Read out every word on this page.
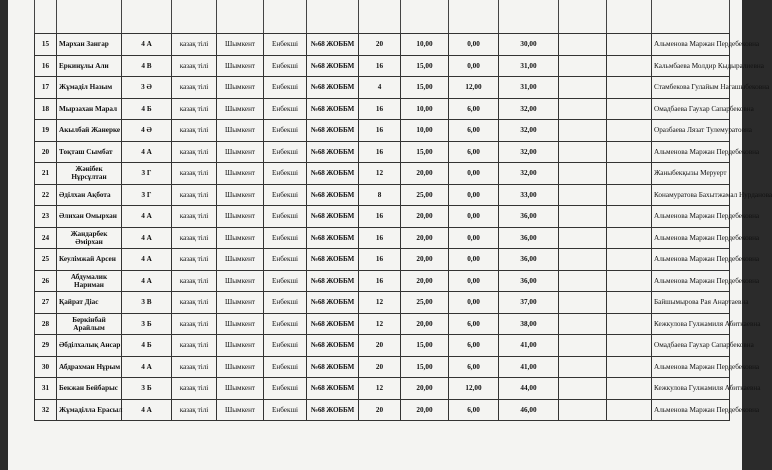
15	Мархан Зангар	4 А	казақ тілі	Шымкент	Енбекші	№68 ЖОББМ	20	10,00	0,00	30,00			Альменова Маржан Пердебековна
16	Еркинұлы Али	4 В	казақ тілі	Шымкент	Енбекші	№68 ЖОББМ	16	15,00	0,00	31,00			Кальмбаева Молдир Кыдыралиевна
17	Жұмаділ Назым	3 Ә	казақ тілі	Шымкент	Енбекші	№68 ЖОББМ	4	15,00	12,00	31,00			Стамбекова Гулайым Нагашыбековна
18	Мырзахан Марал	4 Б	казақ тілі	Шымкент	Енбекші	№68 ЖОББМ	16	10,00	6,00	32,00			Омадбаева Гаухар Сапарбековна
19	Акылбай Жанерке	4 Ә	казақ тілі	Шымкент	Енбекші	№68 ЖОББМ	16	10,00	6,00	32,00			Оразбаева Лязат Тулемуратовна
20	Тоқташ Сымбат	4 А	казақ тілі	Шымкент	Енбекші	№68 ЖОББМ	16	15,00	6,00	32,00			Альменова Маржан Пердебековна
21	Жәнібек Нұрсұлтан	3 Г	казақ тілі	Шымкент	Енбекші	№68 ЖОББМ	12	20,00	0,00	32,00			Жаныбекқызы Меруерт
22	Әділхан Ақбота	3 Г	казақ тілі	Шымкент	Енбекші	№68 ЖОББМ	8	25,00	0,00	33,00			Конамуратова Бахытжамал Нурданова
23	Әлихан Омырхан	4 А	казақ тілі	Шымкент	Енбекші	№68 ЖОББМ	16	20,00	0,00	36,00			Альменова Маржан Пердебековна
24	Жандарбек Әмірхан	4 А	казақ тілі	Шымкент	Енбекші	№68 ЖОББМ	16	20,00	0,00	36,00			Альменова Маржан Пердебековна
25	Кеулімжай Арсен	4 А	казақ тілі	Шымкент	Енбекші	№68 ЖОББМ	16	20,00	0,00	36,00			Альменова Маржан Пердебековна
26	Абдумалик Нариман	4 А	казақ тілі	Шымкент	Енбекші	№68 ЖОББМ	16	20,00	0,00	36,00			Альменова Маржан Пердебековна
27	Қайрат Діас	3 В	казақ тілі	Шымкент	Енбекші	№68 ЖОББМ	12	25,00	0,00	37,00			Байшымырова Рая Анартаевна
28	Беркінбай Арайлым	3 Б	казақ тілі	Шымкент	Енбекші	№68 ЖОББМ	12	20,00	6,00	38,00			Кежкулова Гулжамиля Абиткаевна
29	Әбділхалық Ансар	4 Б	казақ тілі	Шымкент	Енбекші	№68 ЖОББМ	20	15,00	6,00	41,00			Омадбаева Гаухар Сапарбековна
30	Абдрахман Нұрым	4 А	казақ тілі	Шымкент	Енбекші	№68 ЖОББМ	20	15,00	6,00	41,00			Альменова Маржан Пердебековна
31	Бекжан Бейбарыс	3 Б	казақ тілі	Шымкент	Енбекші	№68 ЖОББМ	12	20,00	12,00	44,00			Кежкулова Гулжамиля Абиткаевна
32	Жұмаділла Ерасыл	4 А	казақ тілі	Шымкент	Енбекші	№68 ЖОББМ	20	20,00	6,00	46,00			Альменова Маржан Пердебековна
